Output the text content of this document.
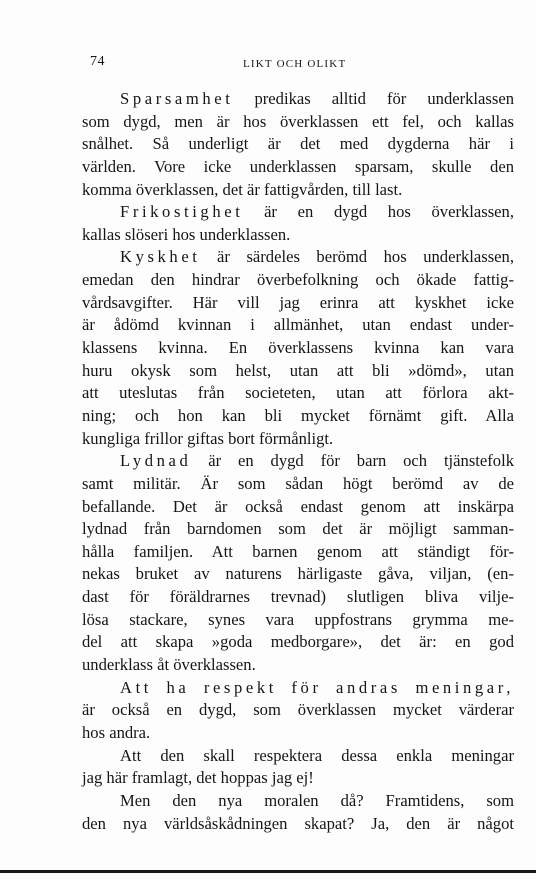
74	LIKT OCH OLIKT
Sparsamhet predikas alltid för underklassen
som dygd, men är hos överklassen ett fel, och kallas
snålhet. Så underligt är det med dygderna här i
världen. Vore icke underklassen sparsam, skulle den
komma överklassen, det är fattigvården, till last.
Frikostighet är en dygd hos överklassen,
kallas slöseri hos underklassen.
Kyskhet är särdeles berömd hos underklassen,
emedan den hindrar överbefolkning och ökade fattig-
vårdsavgifter. Här vill jag erinra att kyskhet icke
är ådömd kvinnan i allmänhet, utan endast under-
klassens kvinna. En överklassens kvinna kan vara
huru okysk som helst, utan att bli »dömd», utan
att uteslutas från societeten, utan att förlora akt-
ning; och hon kan bli mycket förnämt gift. Alla
kungliga frillor giftas bort förmånligt.
Lydnad är en dygd för barn och tjänstefolk
samt militär. Är som sådan högt berömd av de
befallande. Det är också endast genom att inskärpa
lydnad från barndomen som det är möjligt samman-
hålla familjen. Att barnen genom att ständigt för-
nekas bruket av naturens härligaste gåva, viljan, (en-
dast för föräldrarnes trevnad) slutligen bliva vilje-
lösa stackare, synes vara uppfostrans grymma me-
del att skapa »goda medborgare», det är: en god
underklass åt överklassen.
Att ha respekt för andras meningar,
är också en dygd, som överklassen mycket värderar
hos andra.
Att den skall respektera dessa enkla meningar
jag här framlagt, det hoppas jag ej!
Men den nya moralen då? Framtidens, som
den nya världsåskådningen skapat? Ja, den är något
